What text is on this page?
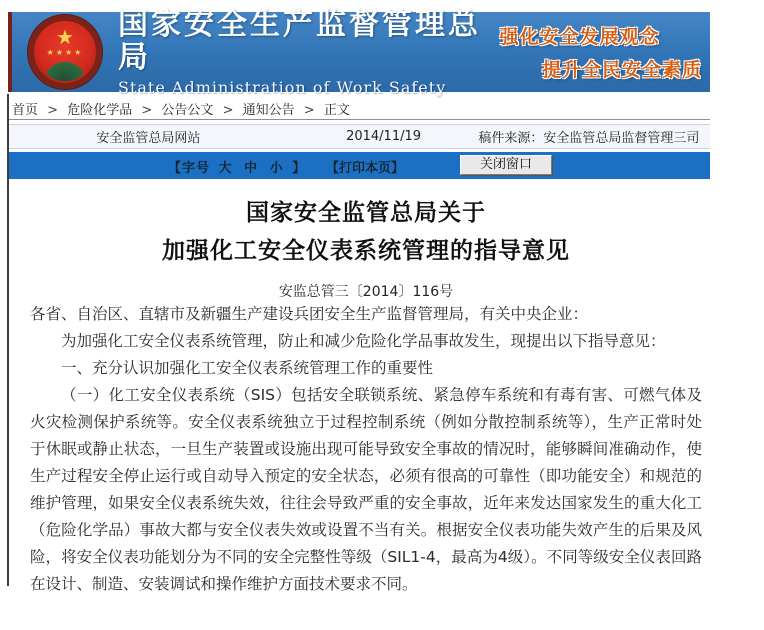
★
★★★★
国家安全生产监督管理总局
State Administration of Work Safety
强化安全发展观念
提升全民安全素质
首页 > 危险化学品 > 公告公文 > 通知公告 > 正文
安全监管总局网站	2014/11/19	稿件来源：安全监管总局监督管理三司
【字号 大 中 小 】 【打印本页】	关闭窗口
国家安全监管总局关于
加强化工安全仪表系统管理的指导意见
安监总管三〔2014〕116号

各省、自治区、直辖市及新疆生产建设兵团安全生产监督管理局，有关中央企业：

为加强化工安全仪表系统管理，防止和减少危险化学品事故发生，现提出以下指导意见：

一、充分认识加强化工安全仪表系统管理工作的重要性

（一）化工安全仪表系统（SIS）包括安全联锁系统、紧急停车系统和有毒有害、可燃气体及火灾检测保护系统等。安全仪表系统独立于过程控制系统（例如分散控制系统等），生产正常时处于休眠或静止状态，一旦生产装置或设施出现可能导致安全事故的情况时，能够瞬间准确动作，使生产过程安全停止运行或自动导入预定的安全状态，必须有很高的可靠性（即功能安全）和规范的维护管理，如果安全仪表系统失效，往往会导致严重的安全事故，近年来发达国家发生的重大化工（危险化学品）事故大都与安全仪表失效或设置不当有关。根据安全仪表功能失效产生的后果及风险，将安全仪表功能划分为不同的安全完整性等级（SIL1-4，最高为4级）。不同等级安全仪表回路在设计、制造、安装调试和操作维护方面技术要求不同。
